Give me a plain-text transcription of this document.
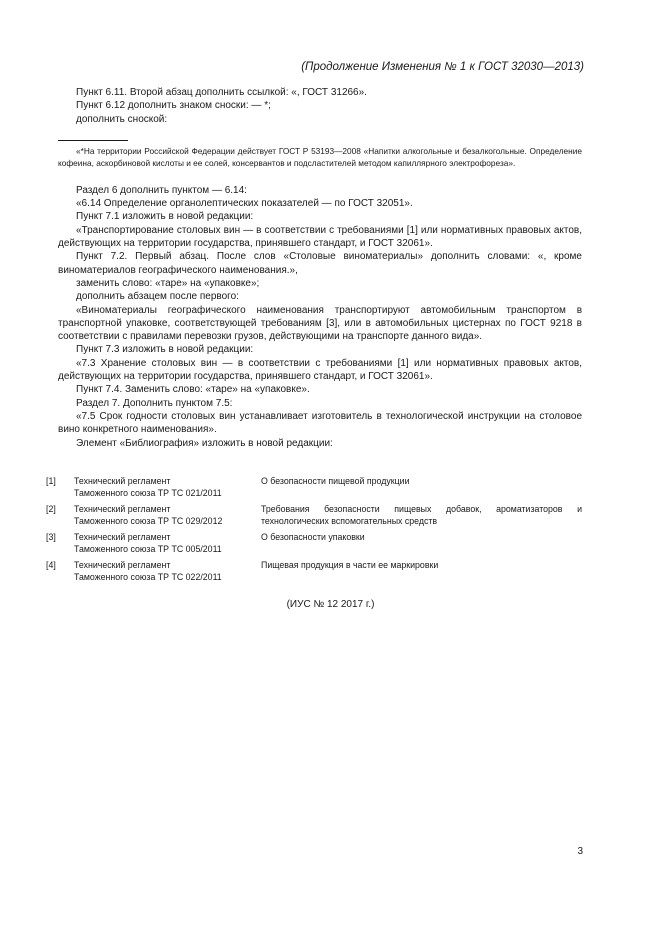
(Продолжение Изменения № 1 к ГОСТ 32030—2013)

Пункт 6.11. Второй абзац дополнить ссылкой: «, ГОСТ 31266».

Пункт 6.12 дополнить знаком сноски: — *;

дополнить сноской:

«*На территории Российской Федерации действует ГОСТ Р 53193—2008 «Напитки алкогольные и безалкогольные. Определение кофеина, аскорбиновой кислоты и ее солей, консервантов и подсластителей методом капиллярного электрофореза».

Раздел 6 дополнить пунктом — 6.14:

«6.14 Определение органолептических показателей — по ГОСТ 32051».

Пункт 7.1 изложить в новой редакции:

«Транспортирование столовых вин — в соответствии с требованиями [1] или нормативных правовых актов, действующих на территории государства, принявшего стандарт, и ГОСТ 32061».

Пункт 7.2. Первый абзац. После слов «Столовые виноматериалы» дополнить словами: «, кроме виноматериалов географического наименования.»,

заменить слово: «таре» на «упаковке»;

дополнить абзацем после первого:

«Виноматериалы географического наименования транспортируют автомобильным транспортом в транспортной упаковке, соответствующей требованиям [3], или в автомобильных цистернах по ГОСТ 9218 в соответствии с правилами перевозки грузов, действующими на транспорте данного вида».

Пункт 7.3 изложить в новой редакции:

«7.3 Хранение столовых вин — в соответствии с требованиями [1] или нормативных правовых актов, действующих на территории государства, принявшего стандарт, и ГОСТ 32061».

Пункт 7.4. Заменить слово: «таре» на «упаковке».

Раздел 7. Дополнить пунктом 7.5:

«7.5 Срок годности столовых вин устанавливает изготовитель в технологической инструкции на столовое вино конкретного наименования».

Элемент «Библиография» изложить в новой редакции:

[1] Технический регламент
Таможенного союза ТР ТС 021/2011
О безопасности пищевой продукции
[2] Технический регламент
Таможенного союза ТР ТС 029/2012
Требования безопасности пищевых добавок, ароматизаторов и технологических вспомогательных средств
[3] Технический регламент
Таможенного союза ТР ТС 005/2011
О безопасности упаковки
[4] Технический регламент
Таможенного союза ТР ТС 022/2011
Пищевая продукция в части ее маркировки
(ИУС № 12 2017 г.)
3
